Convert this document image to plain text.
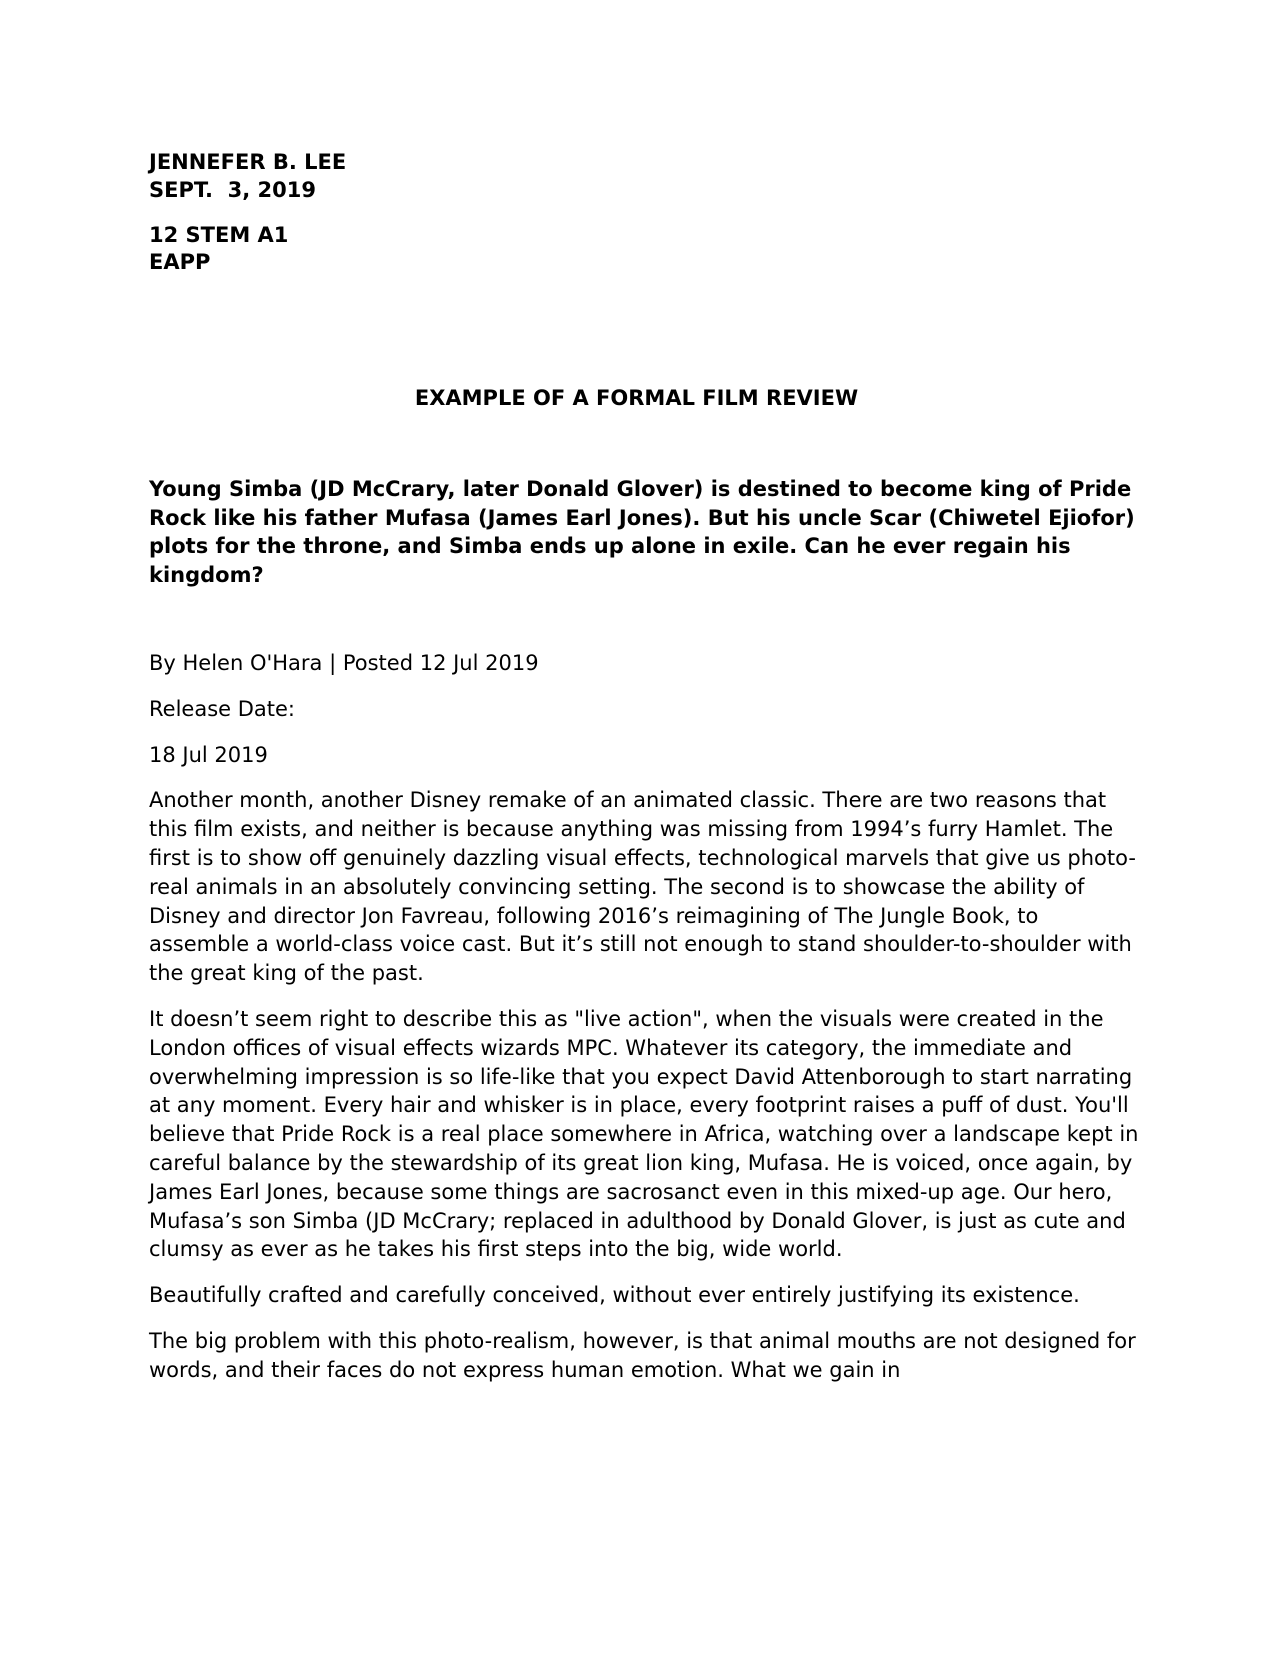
JENNEFER B. LEE
SEPT.  3, 2019
12 STEM A1
EAPP
EXAMPLE OF A FORMAL FILM REVIEW
Young Simba (JD McCrary, later Donald Glover) is destined to become king of Pride Rock like his father Mufasa (James Earl Jones). But his uncle Scar (Chiwetel Ejiofor) plots for the throne, and Simba ends up alone in exile. Can he ever regain his kingdom?

By Helen O'Hara | Posted 12 Jul 2019

Release Date:

18 Jul 2019

Another month, another Disney remake of an animated classic. There are two reasons that this film exists, and neither is because anything was missing from 1994’s furry Hamlet. The first is to show off genuinely dazzling visual effects, technological marvels that give us photo-real animals in an absolutely convincing setting. The second is to showcase the ability of Disney and director Jon Favreau, following 2016’s reimagining of The Jungle Book, to assemble a world-class voice cast. But it’s still not enough to stand shoulder-to-shoulder with the great king of the past.

It doesn’t seem right to describe this as "live action", when the visuals were created in the London offices of visual effects wizards MPC. Whatever its category, the immediate and overwhelming impression is so life-like that you expect David Attenborough to start narrating at any moment. Every hair and whisker is in place, every footprint raises a puff of dust. You'll believe that Pride Rock is a real place somewhere in Africa, watching over a landscape kept in careful balance by the stewardship of its great lion king, Mufasa. He is voiced, once again, by James Earl Jones, because some things are sacrosanct even in this mixed-up age. Our hero, Mufasa’s son Simba (JD McCrary; replaced in adulthood by Donald Glover, is just as cute and clumsy as ever as he takes his first steps into the big, wide world.

Beautifully crafted and carefully conceived, without ever entirely justifying its existence.

The big problem with this photo-realism, however, is that animal mouths are not designed for words, and their faces do not express human emotion. What we gain in
